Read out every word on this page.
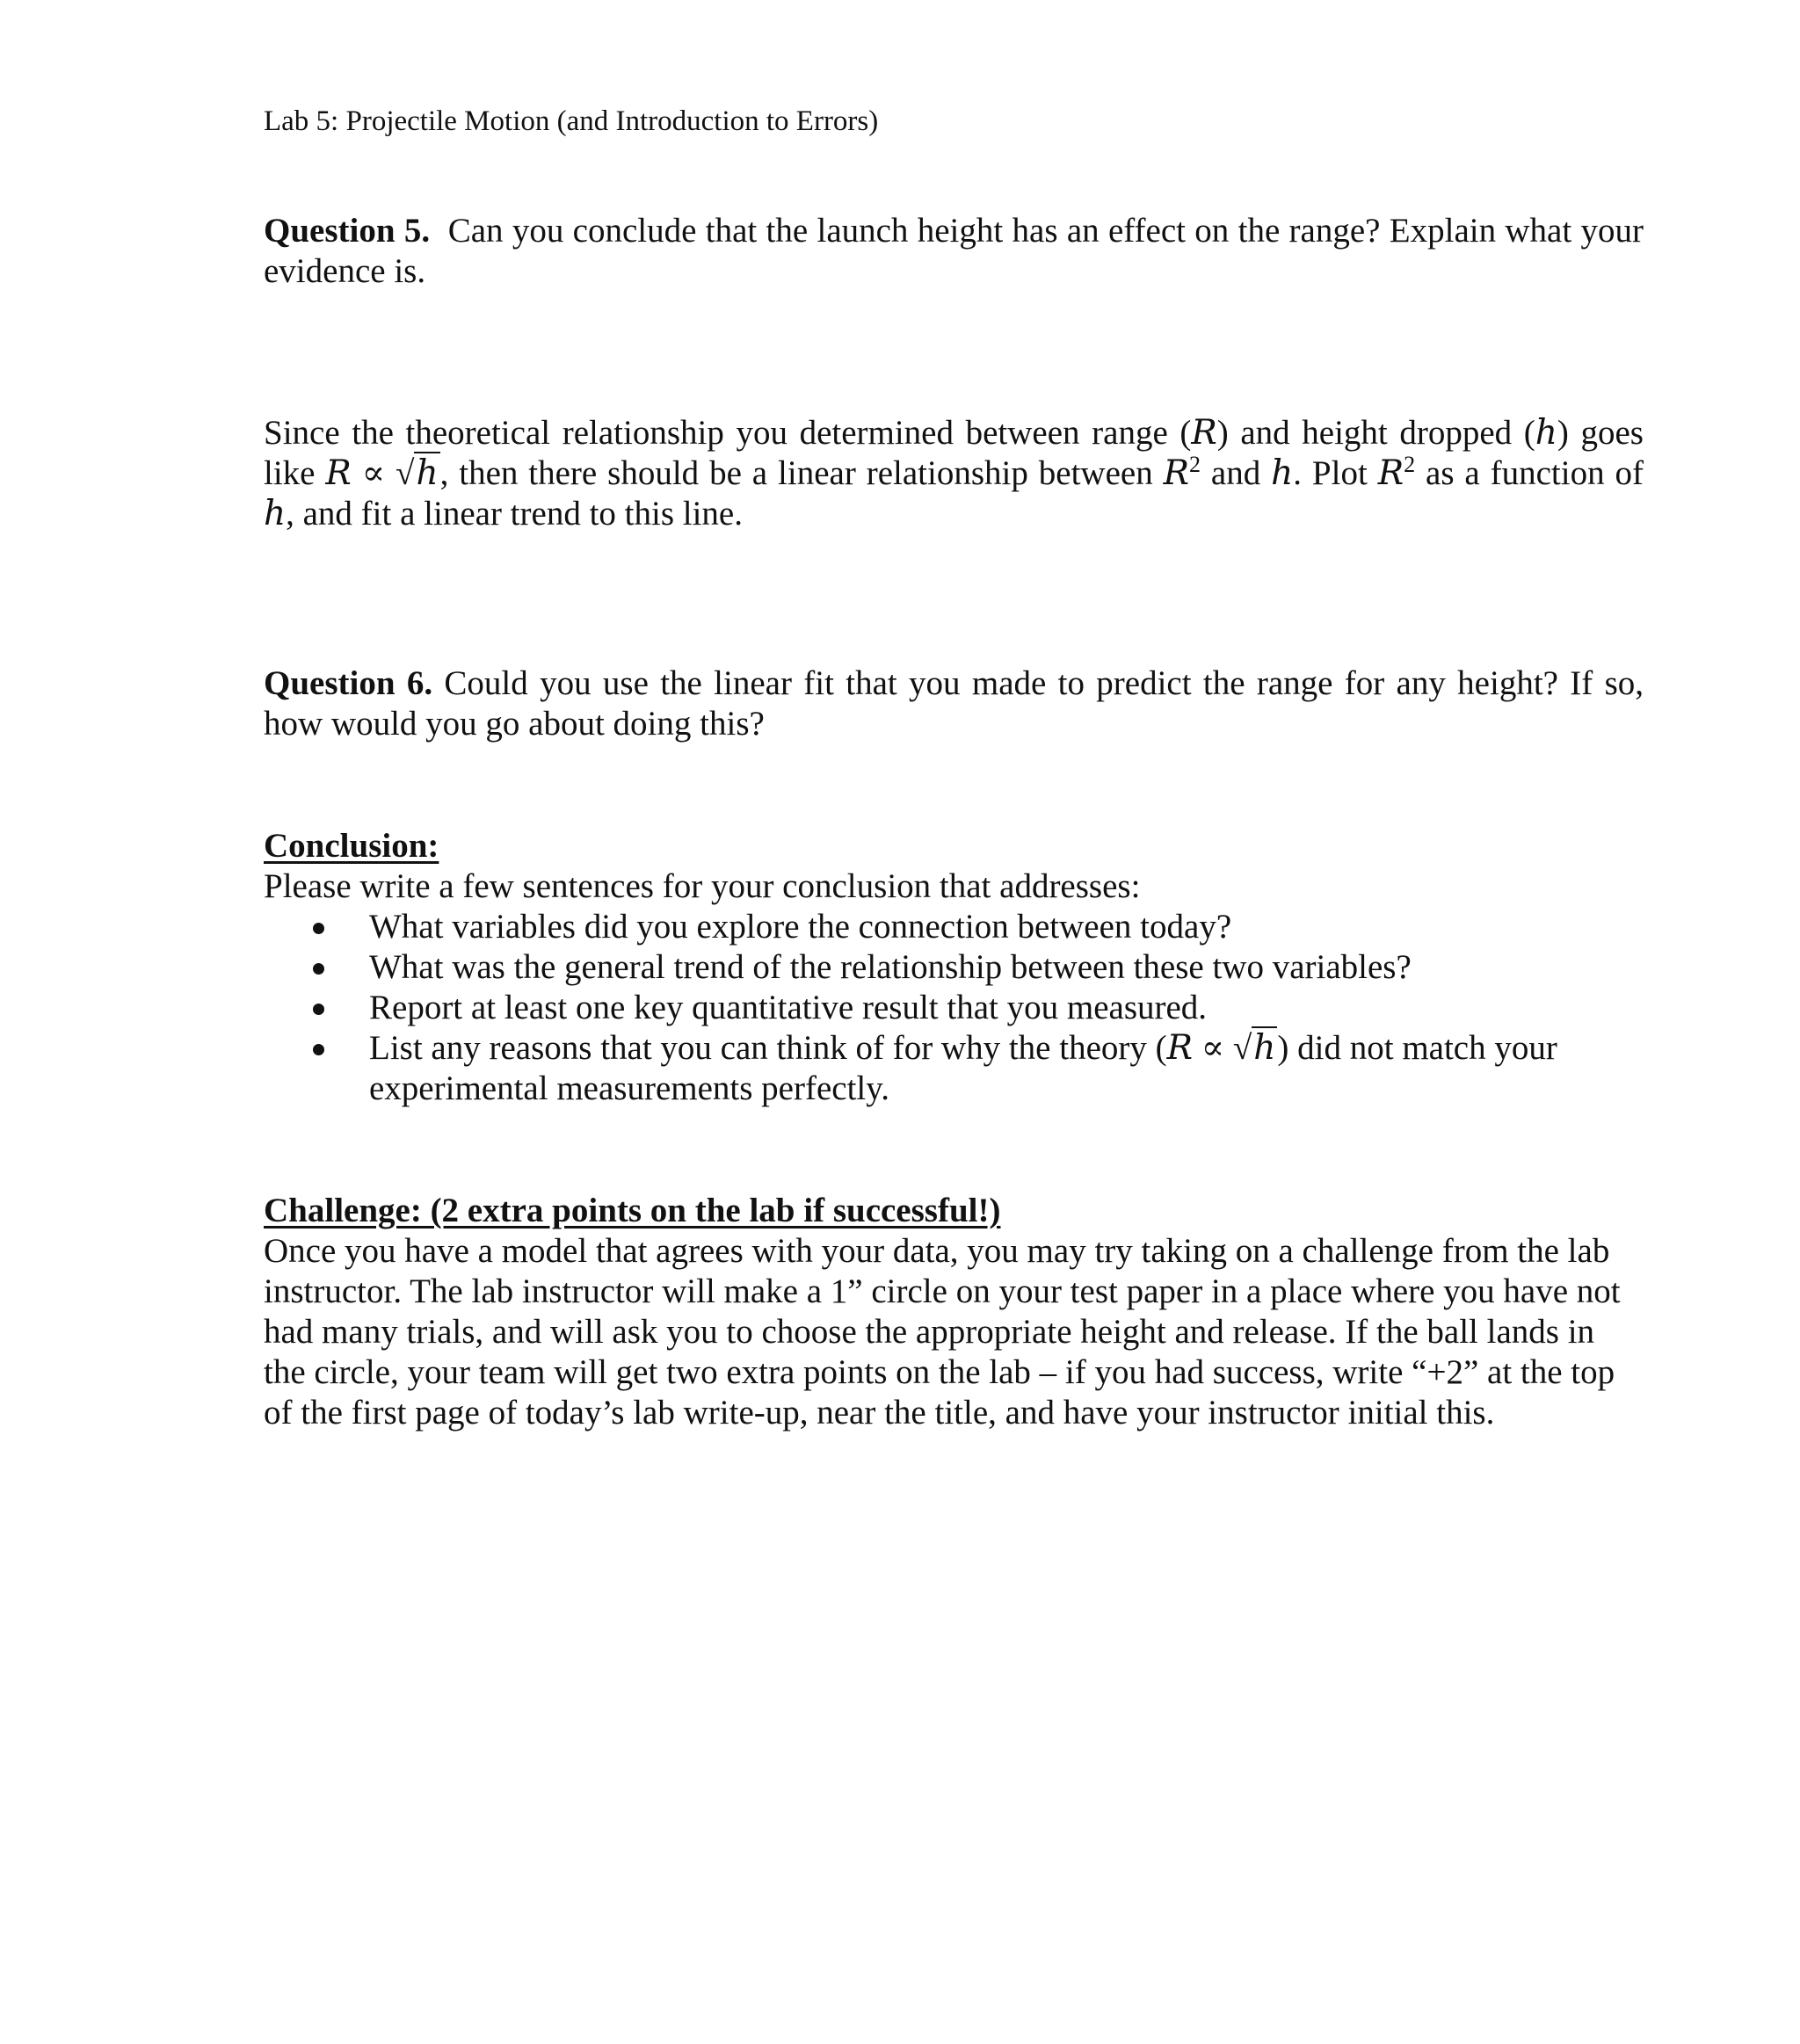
Lab 5: Projectile Motion (and Introduction to Errors)

Question 5. Can you conclude that the launch height has an effect on the range? Explain what your evidence is.

Since the theoretical relationship you determined between range (R) and height dropped (h) goes like R ∝ √h, then there should be a linear relationship between $R^2$ and h. Plot $R^2$ as a function of h, and fit a linear trend to this line.

Question 6. Could you use the linear fit that you made to predict the range for any height? If so, how would you go about doing this?

Conclusion:

Please write a few sentences for your conclusion that addresses:

What variables did you explore the connection between today?
What was the general trend of the relationship between these two variables?
Report at least one key quantitative result that you measured.
List any reasons that you can think of for why the theory (R ∝ √h) did not match your experimental measurements perfectly.

Challenge: (2 extra points on the lab if successful!)

Once you have a model that agrees with your data, you may try taking on a challenge from the lab instructor. The lab instructor will make a 1” circle on your test paper in a place where you have not had many trials, and will ask you to choose the appropriate height and release. If the ball lands in the circle, your team will get two extra points on the lab – if you had success, write “+2” at the top of the first page of today’s lab write-up, near the title, and have your instructor initial this.
